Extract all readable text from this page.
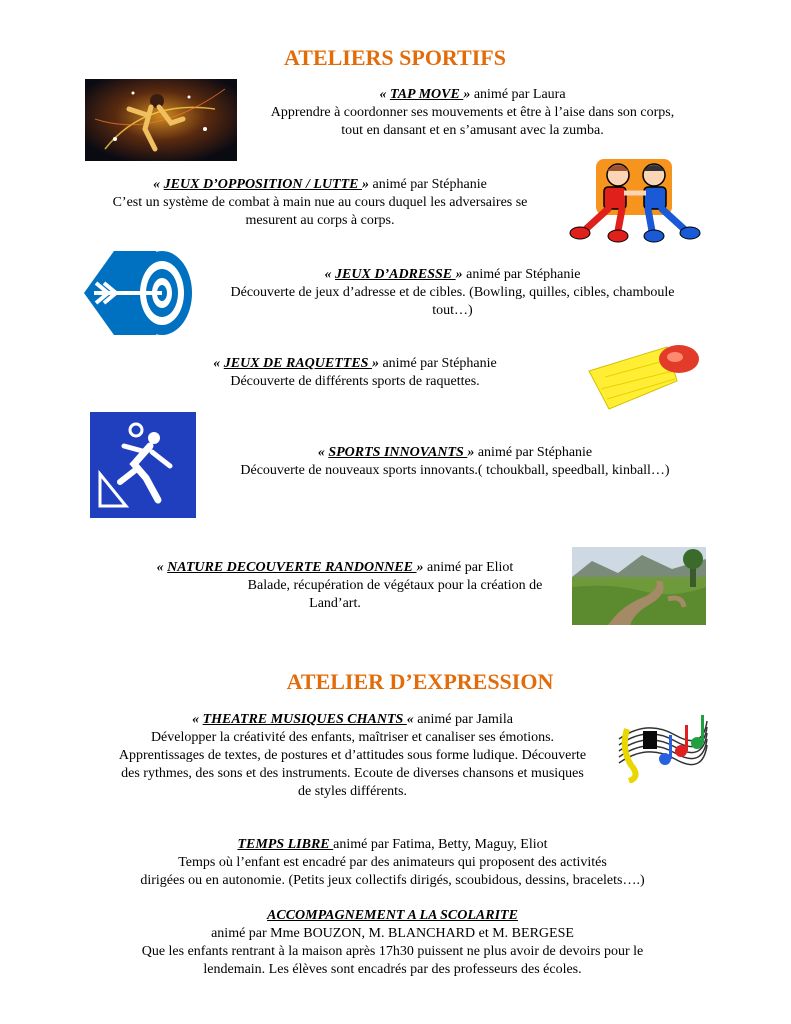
ATELIERS SPORTIFS

« TAP MOVE » animé par Laura

Apprendre à coordonner ses mouvements et être à l’aise dans son corps,

tout en dansant et en s’amusant avec la zumba.

« JEUX D’OPPOSITION / LUTTE » animé par Stéphanie

C’est un système de combat à main nue au cours duquel les adversaires se

mesurent au corps à corps.

« JEUX D’ADRESSE » animé par Stéphanie

Découverte de jeux d’adresse et de cibles. (Bowling, quilles, cibles, chamboule

tout…)

« JEUX DE RAQUETTES » animé par Stéphanie

Découverte de différents sports de raquettes.

« SPORTS INNOVANTS » animé par Stéphanie

Découverte de nouveaux sports innovants.( tchoukball, speedball, kinball…)

« NATURE DECOUVERTE RANDONNEE » animé par Eliot

Balade, récupération de végétaux pour la création de

Land’art.

ATELIER D’EXPRESSION

« THEATRE MUSIQUES CHANTS « animé par Jamila

Développer la créativité des enfants, maîtriser et canaliser ses émotions.

Apprentissages de textes, de postures et d’attitudes sous forme ludique. Découverte

des rythmes, des sons et des instruments. Ecoute de diverses chansons et musiques

de styles différents.

TEMPS LIBRE animé par Fatima, Betty, Maguy, Eliot

Temps où l’enfant est encadré par des animateurs qui proposent des activités

dirigées ou en autonomie. (Petits jeux collectifs dirigés, scoubidous, dessins, bracelets….)

ACCOMPAGNEMENT A LA SCOLARITE

animé par Mme BOUZON, M. BLANCHARD et M. BERGESE

Que les enfants rentrant à la maison après 17h30 puissent ne plus avoir de devoirs pour le

lendemain. Les élèves sont encadrés par des professeurs des écoles.
